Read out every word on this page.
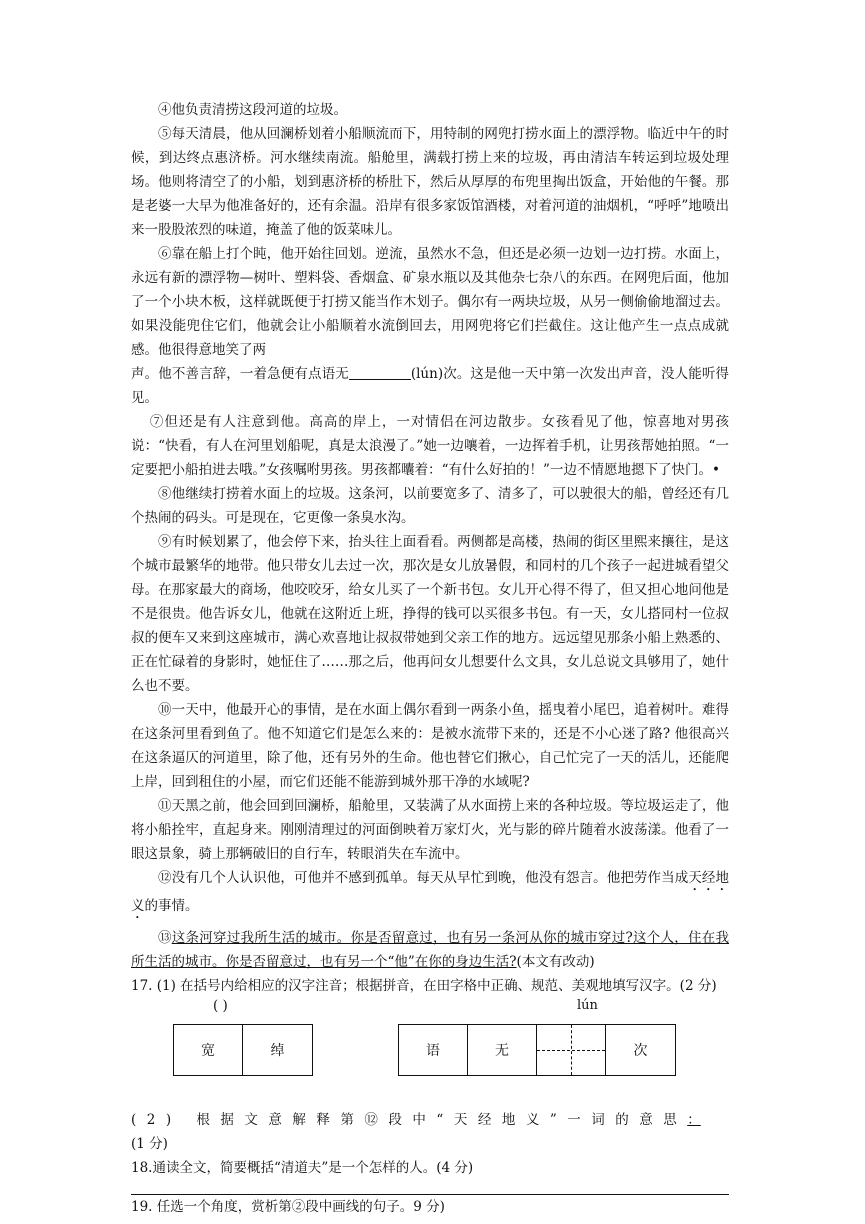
④他负责清捞这段河道的垃圾。

⑤每天清晨，他从回澜桥划着小船顺流而下，用特制的网兜打捞水面上的漂浮物。临近中午的时候，到达终点惠济桥。河水继续南流。船舱里，满载打捞上来的垃圾，再由清洁车转运到垃圾处理场。他则将清空了的小船，划到惠济桥的桥肚下，然后从厚厚的布兜里掏出饭盒，开始他的午餐。那是老婆一大早为他准备好的，还有余温。沿岸有很多家饭馆酒楼，对着河道的油烟机，“呼呼”地喷出来一股股浓烈的味道，掩盖了他的饭菜味儿。

⑥靠在船上打个盹，他开始往回划。逆流，虽然水不急，但还是必须一边划一边打捞。水面上，永远有新的漂浮物—树叶、塑料袋、香烟盒、矿泉水瓶以及其他杂七杂八的东西。在网兜后面，他加了一个小块木板，这样就既便于打捞又能当作木划子。偶尔有一两块垃圾，从另一侧偷偷地溜过去。如果没能兜住它们，他就会让小船顺着水流倒回去，用网兜将它们拦截住。这让他产生一点点成就感。他很得意地笑了两

声。他不善言辞，一着急便有点语无	(lún)次。这是他一天中第一次发出声音，没人能听得见。

⑦但还是有人注意到他。高高的岸上，一对情侣在河边散步。女孩看见了他，惊喜地对男孩说：“快看，有人在河里划船呢，真是太浪漫了。”她一边嚷着，一边挥着手机，让男孩帮她拍照。“一定要把小船拍进去哦。”女孩嘱咐男孩。男孩都囔着：“有什么好拍的！”一边不情愿地摁下了快门。•

⑧他继续打捞着水面上的垃圾。这条河，以前要宽多了、清多了，可以驶很大的船，曾经还有几个热闹的码头。可是现在，它更像一条臭水沟。

⑨有时候划累了，他会停下来，抬头往上面看看。两侧都是高楼，热闹的街区里熙来攘往，是这个城市最繁华的地带。他只带女儿去过一次，那次是女儿放暑假，和同村的几个孩子一起进城看望父母。在那家最大的商场，他咬咬牙，给女儿买了一个新书包。女儿开心得不得了，但又担心地问他是不是很贵。他告诉女儿，他就在这附近上班，挣得的钱可以买很多书包。有一天，女儿搭同村一位叔叔的便车又来到这座城市，满心欢喜地让叔叔带她到父亲工作的地方。远远望见那条小船上熟悉的、正在忙碌着的身影时，她怔住了……那之后，他再问女儿想要什么文具，女儿总说文具够用了，她什么也不要。

⑩一天中，他最开心的事情，是在水面上偶尔看到一两条小鱼，摇曳着小尾巴，追着树叶。难得在这条河里看到鱼了。他不知道它们是怎么来的：是被水流带下来的，还是不小心迷了路? 他很高兴在这条逼仄的河道里，除了他，还有另外的生命。他也替它们揪心，自己忙完了一天的活儿，还能爬上岸，回到租住的小屋，而它们还能不能游到城外那干净的水域呢?

⑪天黑之前，他会回到回澜桥，船舱里，又装满了从水面捞上来的各种垃圾。等垃圾运走了，他将小船拴牢，直起身来。刚刚清理过的河面倒映着万家灯火，光与影的碎片随着水波荡漾。他看了一眼这景象，骑上那辆破旧的自行车，转眼消失在车流中。

⑫没有几个人认识他，可他并不感到孤单。每天从早忙到晚，他没有怨言。他把劳作当成天经地义的事情。

⑬这条河穿过我所生活的城市。你是否留意过，也有另一条河从你的城市穿过?这个人，住在我所生活的城市。你是否留意过，也有另一个“他”在你的身边生活?(本文有改动)

17. (1) 在括号内给相应的汉字注音；根据拼音，在田字格中正确、规范、美观地填写汉字。(2 分)

( )	lún
宽	绰	语	无	次

(2) 根据文意解释第⑫段中“天经地义”一词的意思：

(1 分)

18.通读全文，简要概括“清道夫”是一个怎样的人。(4 分)

19. 任选一个角度，赏析第②段中画线的句子。9 分)
